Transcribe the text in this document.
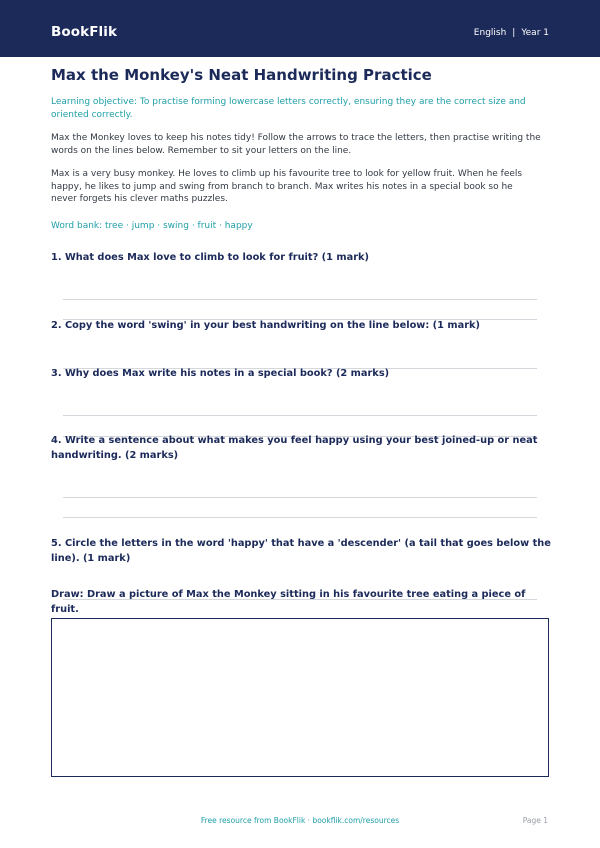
BookFlik	English | Year 1
Max the Monkey's Neat Handwriting Practice

Learning objective: To practise forming lowercase letters correctly, ensuring they are the correct size and oriented correctly.

Max the Monkey loves to keep his notes tidy! Follow the arrows to trace the letters, then practise writing the words on the lines below. Remember to sit your letters on the line.

Max is a very busy monkey. He loves to climb up his favourite tree to look for yellow fruit. When he feels happy, he likes to jump and swing from branch to branch. Max writes his notes in a special book so he never forgets his clever maths puzzles.

Word bank: tree · jump · swing · fruit · happy

1. What does Max love to climb to look for fruit? (1 mark)

2. Copy the word 'swing' in your best handwriting on the line below: (1 mark)

3. Why does Max write his notes in a special book? (2 marks)

4. Write a sentence about what makes you feel happy using your best joined-up or neat handwriting. (2 marks)

5. Circle the letters in the word 'happy' that have a 'descender' (a tail that goes below the line). (1 mark)

Draw: Draw a picture of Max the Monkey sitting in his favourite tree eating a piece of fruit.

Free resource from BookFlik · bookflik.com/resources	Page 1
